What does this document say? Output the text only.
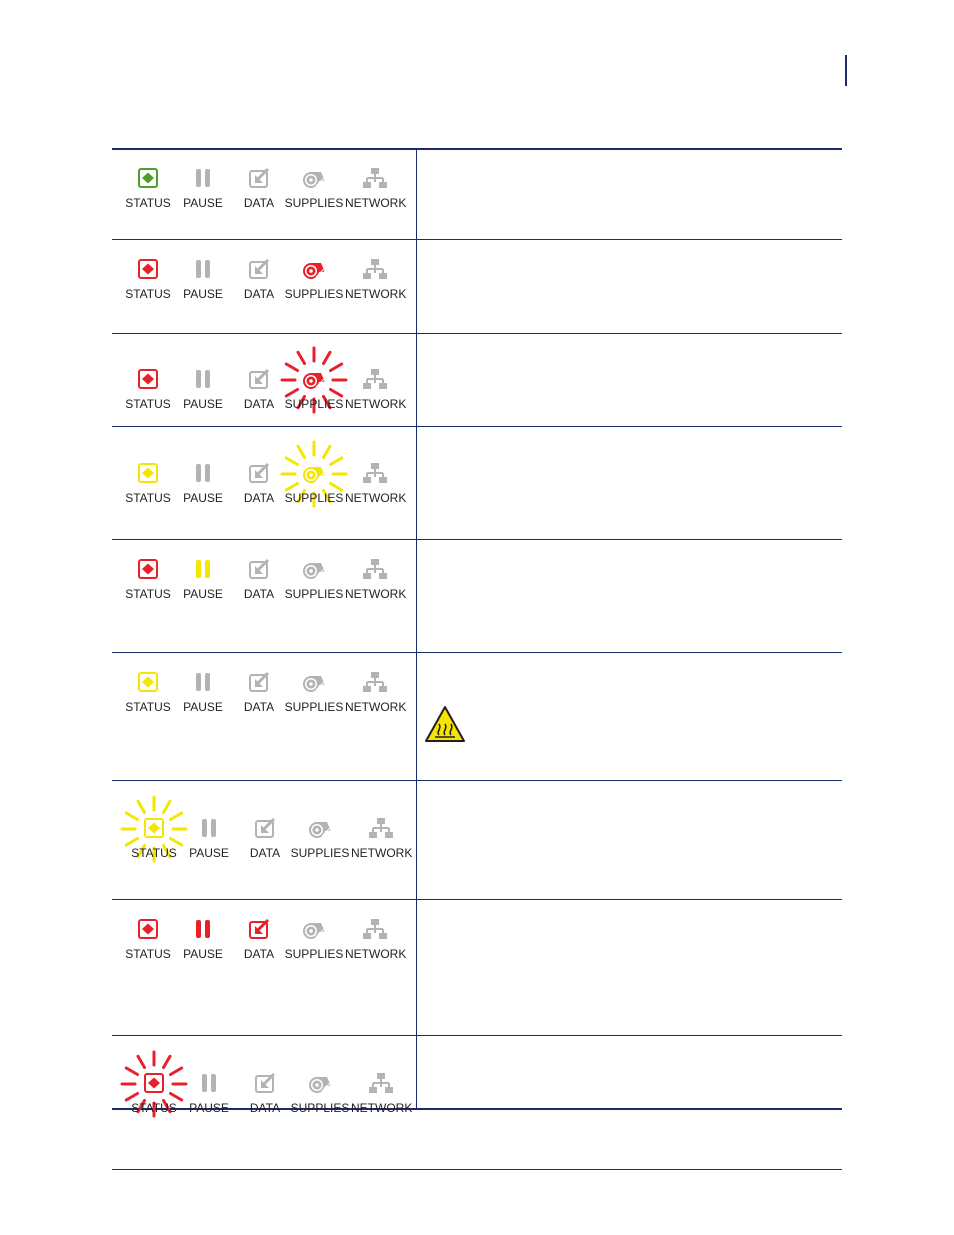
STATUS	PAUSE	DATA SUPPLIES NETWORK
STATUS	PAUSE	DATA SUPPLIES NETWORK
STATUS	PAUSE	DATA SUPPLIES NETWORK
STATUS	PAUSE	DATA SUPPLIES NETWORK
STATUS	PAUSE	DATA SUPPLIES NETWORK
STATUS	PAUSE	DATA SUPPLIES NETWORK
STATUS	PAUSE	DATA SUPPLIES NETWORK
STATUS	PAUSE	DATA SUPPLIES NETWORK
STATUS	PAUSE	DATA SUPPLIES NETWORK
